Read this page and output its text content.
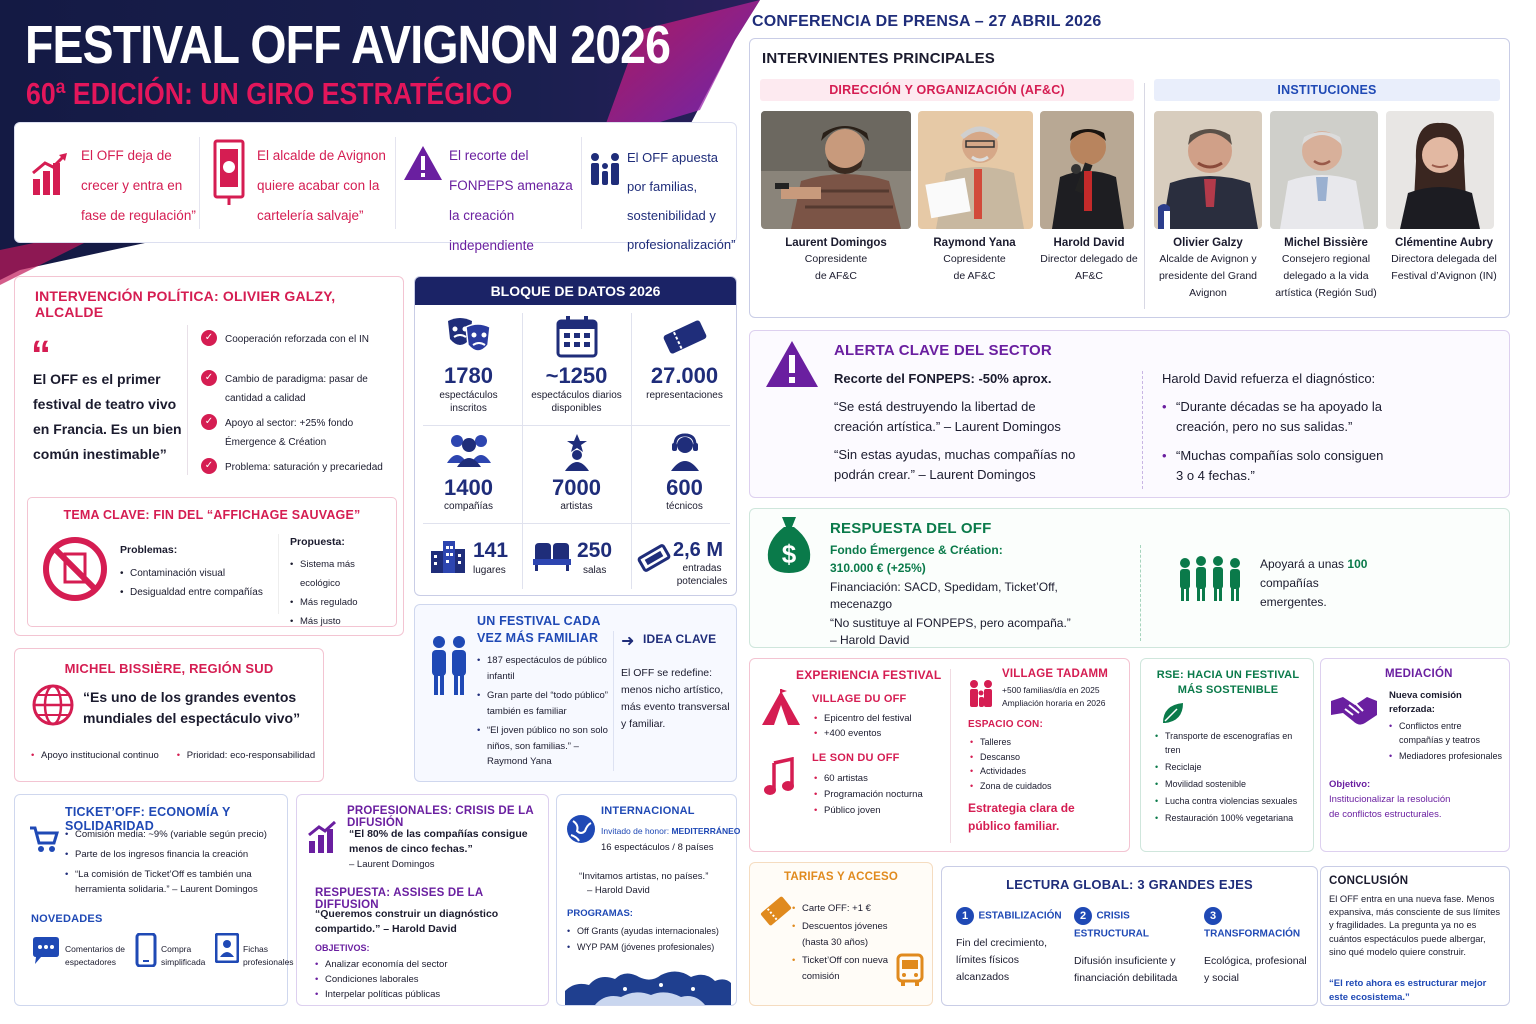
FESTIVAL OFF AVIGNON 2026
60ª EDICIÓN: UN GIRO ESTRATÉGICO
CONFERENCIA DE PRENSA – 27 ABRIL 2026
El OFF deja de crecer y entra en fase de regulación”
El alcalde de Avignon quiere acabar con la cartelería salvaje”
El recorte del FONPEPS amenaza la creación independiente
El OFF apuesta por familias, sostenibilidad y profesionalización”
INTERVENCIÓN POLÍTICA: OLIVIER GALZY, ALCALDE
“
El OFF es el primer festival de teatro vivo en Francia. Es un bien común inestimable”
✓	Cooperación reforzada con el IN
✓	Cambio de paradigma: pasar de cantidad a calidad
✓	Apoyo al sector: +25% fondo Émergence & Création
✓	Problema: saturación y precariedad
TEMA CLAVE: FIN DEL “AFFICHAGE SAUVAGE”
Problemas:
• Contaminación visual
• Desigualdad entre compañías
Propuesta:
• Sistema más ecológico
• Más regulado
• Más justo
MICHEL BISSIÈRE, REGIÓN SUD
“Es uno de los grandes eventos mundiales del espectáculo vivo”
• Apoyo institucional continuo
•	Prioridad: eco-responsabilidad
BLOQUE DE DATOS 2026
1780
espectáculos inscritos
~1250
espectáculos diarios disponibles
27.000
representaciones
1400
compañías
7000
artistas
600
técnicos
141
lugares
250
salas
2,6 M
entradas potenciales
UN FESTIVAL CADA VEZ MÁS FAMILIAR
• 187 espectáculos de público infantil
• Gran parte del “todo público” también es familiar
• “El joven público no son solo niños, son familias.” – Raymond Yana
➜ IDEA CLAVE
El OFF se redefine: menos nicho artístico, más evento transversal y familiar.
TICKET’OFF: ECONOMÍA Y SOLIDARIDAD
• Comisión media: ~9% (variable según precio)
• Parte de los ingresos financia la creación
• “La comisión de Ticket’Off es también una herramienta solidaria.” – Laurent Domingos
NOVEDADES
Comentarios de espectadores
Compra simplificada
Fichas profesionales
PROFESIONALES: CRISIS DE LA DIFUSIÓN
“El 80% de las compañías consigue menos de cinco fechas.”
– Laurent Domingos
RESPUESTA: ASSISES DE LA DIFFUSION
“Queremos construir un diagnóstico compartido.” – Harold David
OBJETIVOS:
• Analizar economía del sector
• Condiciones laborales
• Interpelar políticas públicas
INTERNACIONAL
Invitado de honor: MEDITERRÁNEO
16 espectáculos / 8 países
“Invitamos artistas, no países.”
– Harold David
PROGRAMAS:
• Off Grants (ayudas internacionales)
• WYP PAM (jóvenes profesionales)
INTERVINIENTES PRINCIPALES
DIRECCIÓN Y ORGANIZACIÓN (AF&C)	INSTITUCIONES
Laurent Domingos
Copresidente de AF&C
Raymond Yana
Copresidente de AF&C
Harold David
Director delegado de AF&C
Olivier Galzy
Alcalde de Avignon y presidente del Grand Avignon
Michel Bissière
Consejero regional delegado a la vida artística (Región Sud)
Clémentine Aubry
Directora delegada del Festival d’Avignon (IN)
ALERTA CLAVE DEL SECTOR
Recorte del FONPEPS: -50% aprox.
“Se está destruyendo la libertad de creación artística.” – Laurent Domingos
“Sin estas ayudas, muchas compañías no podrán crear.” – Laurent Domingos
Harold David refuerza el diagnóstico:
• “Durante décadas se ha apoyado la creación, pero no sus salidas.”
• “Muchas compañías solo consiguen 3 o 4 fechas.”
$
RESPUESTA DEL OFF
Fondo Émergence & Création:
310.000 € (+25%)
Financiación: SACD, Spedidam, Ticket’Off, mecenazgo
“No sustituye al FONPEPS, pero acompaña.”
– Harold David
Apoyará a unas 100 compañías emergentes.
EXPERIENCIA FESTIVAL
VILLAGE DU OFF
• Epicentro del festival
• +400 eventos
LE SON DU OFF
• 60 artistas
• Programación nocturna
• Público joven
VILLAGE TADAMM
+500 familias/día en 2025
Ampliación horaria en 2026
ESPACIO CON:
• Talleres
• Descanso
• Actividades
• Zona de cuidados
Estrategia clara de público familiar.
RSE: HACIA UN FESTIVAL MÁS SOSTENIBLE
• Transporte de escenografías en tren
• Reciclaje
• Movilidad sostenible
• Lucha contra violencias sexuales
• Restauración 100% vegetariana
MEDIACIÓN
Nueva comisión reforzada:
• Conflictos entre compañías y teatros
• Mediadores profesionales
Objetivo:
Institucionalizar la resolución de conflictos estructurales.
TARIFAS Y ACCESO
• Carte OFF: +1 €
• Descuentos jóvenes (hasta 30 años)
• Ticket’Off con nueva comisión
LECTURA GLOBAL: 3 GRANDES EJES
1 ESTABILIZACIÓN
Fin del crecimiento, límites físicos alcanzados
2 CRISIS ESTRUCTURAL
Difusión insuficiente y financiación debilitada
3 TRANSFORMACIÓN
Ecológica, profesional y social
CONCLUSIÓN
El OFF entra en una nueva fase. Menos expansiva, más consciente de sus límites y fragilidades. La pregunta ya no es cuántos espectáculos puede albergar, sino qué modelo quiere construir.
“El reto ahora es estructurar mejor este ecosistema.”
